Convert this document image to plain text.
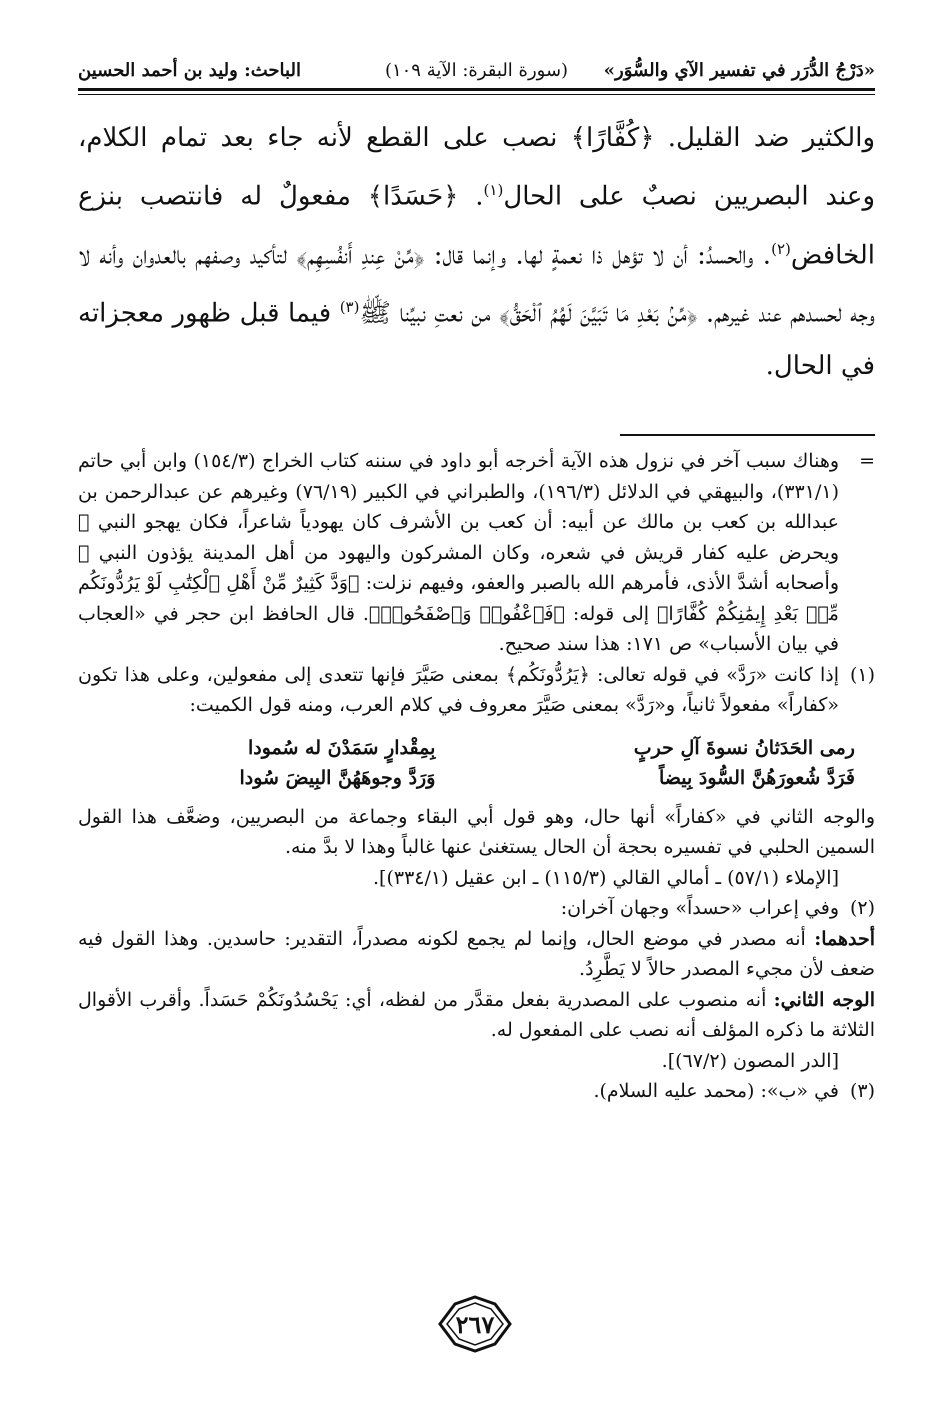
«دَرْجُ الدُّرَر في تفسير الآي والسُّوَر»
(سورة البقرة: الآية ١٠٩)
الباحث: وليد بن أحمد الحسين

والكثير ضد القليل. ﴿كُفَّارًا﴾ نصب على القطع لأنه جاء بعد تمام الكلام، وعند البصريين نصبٌ على الحال$^{(١)}$. ﴿حَسَدًا﴾ مفعولٌ له فانتصب بنزع الخافض$^{(٢)}$. والحسدُ: أن لا تؤهل ذا نعمةٍ لها. وإنما قال: ﴿مِّنْ عِندِ أَنفُسِهِم﴾ لتأكيد وصفهم بالعدوان وأنه لا وجه لحسدهم عند غيرهم. ﴿مِّنۢ بَعْدِ مَا تَبَيَّنَ لَهُمُ ٱلْحَقُّ﴾ من نعتِ نبيِّنا ﷺ$^{(٣)}$ فيما قبل ظهور معجزاته في الحال.

=

وهناك سبب آخر في نزول هذه الآية أخرجه أبو داود في سننه كتاب الخراج (١٥٤/٣) وابن أبي حاتم (٣٣١/١)، والبيهقي في الدلائل (١٩٦/٣)، والطبراني في الكبير (٧٦/١٩) وغيرهم عن عبدالرحمن بن عبدالله بن كعب بن مالك عن أبيه: أن كعب بن الأشرف كان يهودياً شاعراً، فكان يهجو النبي ﷺ ويحرض عليه كفار قريش في شعره، وكان المشركون واليهود من أهل المدينة يؤذون النبي ﷺ وأصحابه أشدَّ الأذى، فأمرهم الله بالصبر والعفو، وفيهم نزلت: ﴿وَدَّ كَثِيرٌ مِّنْ أَهْلِ ٱلْكِتَٰبِ لَوْ يَرُدُّونَكُم مِّنۢ بَعْدِ إِيمَٰنِكُمْ كُفَّارًا﴾ إلى قوله: ﴿فَٱعْفُوا۟ وَٱصْفَحُوا۟﴾. قال الحافظ ابن حجر في «العجاب في بيان الأسباب» ص ١٧١: هذا سند صحيح.

(١)

إذا كانت «رَدَّ» في قوله تعالى: ﴿يَرُدُّونَكُم﴾ بمعنى صَيَّرَ فإنها تتعدى إلى مفعولين، وعلى هذا تكون «كفاراً» مفعولاً ثانياً، و«رَدَّ» بمعنى صَيَّرَ معروف في كلام العرب، ومنه قول الكميت:

رمى الحَدَثانُ نسوةَ آلِ حربٍ
بِمِقْدارٍ سَمَدْنَ له سُمودا
فَرَدَّ شُعورَهُنَّ السُّودَ بِيضاً
وَرَدَّ وجوهَهُنَّ البِيضَ سُودا

والوجه الثاني في «كفاراً» أنها حال، وهو قول أبي البقاء وجماعة من البصريين، وضعَّف هذا القول السمين الحلبي في تفسيره بحجة أن الحال يستغنىٰ عنها غالباً وهذا لا بدَّ منه.

[الإملاء (٥٧/١) ـ أمالي القالي (١١٥/٣) ـ ابن عقيل (٣٣٤/١)].

(٢)

وفي إعراب «حسداً» وجهان آخران:

أحدهما: أنه مصدر في موضع الحال، وإنما لم يجمع لكونه مصدراً، التقدير: حاسدين. وهذا القول فيه ضعف لأن مجيء المصدر حالاً لا يَطَّرِدُ.

الوجه الثاني: أنه منصوب على المصدرية بفعل مقدَّر من لفظه، أي: يَحْسُدُونَكُمْ حَسَداً. وأقرب الأقوال الثلاثة ما ذكره المؤلف أنه نصب على المفعول له.

[الدر المصون (٦٧/٢)].

(٣)

في «ب»: (محمد عليه السلام).

٢٦٧
